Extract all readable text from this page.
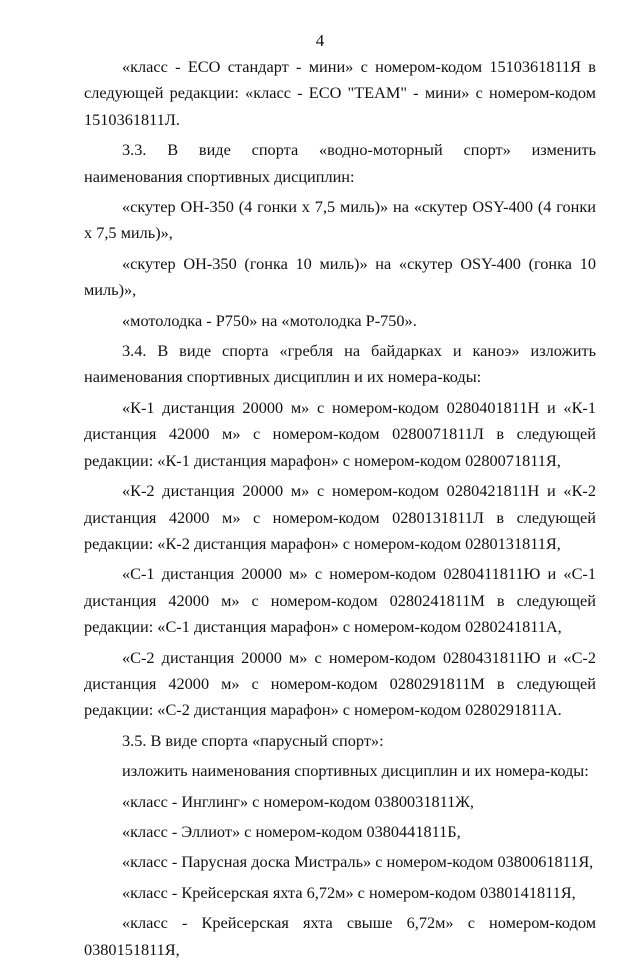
4

«класс - ECO стандарт - мини» с номером-кодом 1510361811Я в следующей редакции: «класс - ECO "TEAM" - мини» с номером-кодом 1510361811Л.

3.3. В виде спорта «водно-моторный спорт» изменить наименования спортивных дисциплин:

«скутер OH-350 (4 гонки х 7,5 миль)» на «скутер OSY-400 (4 гонки х 7,5 миль)»,

«скутер OH-350 (гонка 10 миль)» на «скутер OSY-400 (гонка 10 миль)»,

«мотолодка - P750» на «мотолодка P-750».

3.4. В виде спорта «гребля на байдарках и каноэ» изложить наименования спортивных дисциплин и их номера-коды:

«К-1 дистанция 20000 м» с номером-кодом 0280401811Н и «К-1 дистанция 42000 м» с номером-кодом 0280071811Л в следующей редакции: «К-1 дистанция марафон» с номером-кодом 0280071811Я,

«К-2 дистанция 20000 м» с номером-кодом 0280421811Н и «К-2 дистанция 42000 м» с номером-кодом 0280131811Л в следующей редакции: «К-2 дистанция марафон» с номером-кодом 0280131811Я,

«С-1 дистанция 20000 м» с номером-кодом 0280411811Ю и «С-1 дистанция 42000 м» с номером-кодом 0280241811М в следующей редакции: «С-1 дистанция марафон» с номером-кодом 0280241811А,

«С-2 дистанция 20000 м» с номером-кодом 0280431811Ю и «С-2 дистанция 42000 м» с номером-кодом 0280291811М в следующей редакции: «С-2 дистанция марафон» с номером-кодом 0280291811А.

3.5. В виде спорта «парусный спорт»:

изложить наименования спортивных дисциплин и их номера-коды:

«класс - Инглинг» с номером-кодом 0380031811Ж,

«класс - Эллиот» с номером-кодом 0380441811Б,

«класс - Парусная доска Мистраль» с номером-кодом 0380061811Я,

«класс - Крейсерская яхта 6,72м» с номером-кодом 0380141811Я,

«класс - Крейсерская яхта свыше 6,72м» с номером-кодом 0380151811Я,
